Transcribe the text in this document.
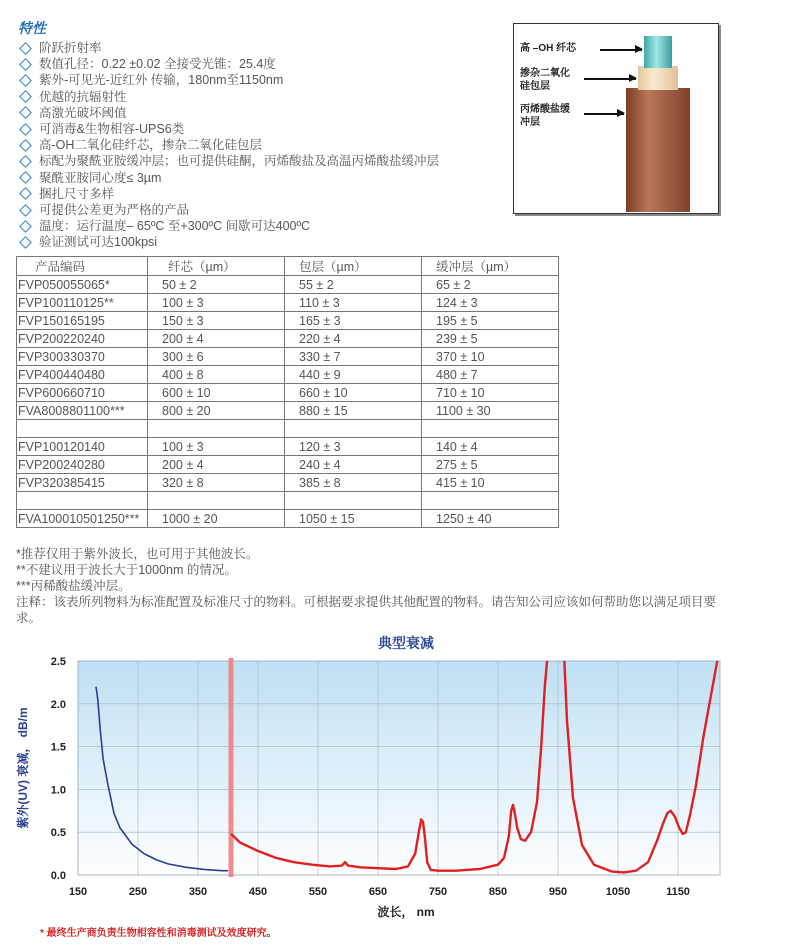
特性
阶跃折射率
数值孔径：0.22 ±0.02 全接受光锥：25.4度
紫外-可见光-近红外 传输，180nm至1150nm
优越的抗辐射性
高激光破坏阈值
可消毒&生物相容-UPS6类
高-OH二氧化硅纤芯，掺杂二氧化硅包层
标配为聚酰亚胺缓冲层；也可提供硅酮，丙烯酸盐及高温丙烯酸盐缓冲层
聚酰亚胺同心度≤ 3µm
捆扎尺寸多样
可提供公差更为严格的产品
温度：运行温度– 65ºC 至+300ºC 间歇可达400ºC
验证测试可达100kpsi
高 –OH 纤芯
掺杂二氧化
硅包层
丙烯酸盐缓
冲层
产品编码	纤芯（µm）	包层（µm）	缓冲层（µm）
FVP050055065*	50 ± 2	55 ± 2	65 ± 2
FVP100110125**	100 ± 3	110 ± 3	124 ± 3
FVP150165195	150 ± 3	165 ± 3	195 ± 5
FVP200220240	200 ± 4	220 ± 4	239 ± 5
FVP300330370	300 ± 6	330 ± 7	370 ± 10
FVP400440480	400 ± 8	440 ± 9	480 ± 7
FVP600660710	600 ± 10	660 ± 10	710 ± 10
FVA8008801100***	800 ± 20	880 ± 15	1100 ± 30

FVP100120140	100 ± 3	120 ± 3	140 ± 4
FVP200240280	200 ± 4	240 ± 4	275 ± 5
FVP320385415	320 ± 8	385 ± 8	415 ± 10

FVA100010501250***	1000 ± 20	1050 ± 15	1250 ± 40
*推荐仅用于紫外波长，也可用于其他波长。
**不建议用于波长大于1000nm 的情况。
***丙稀酸盐缓冲层。
注释：该表所列物料为标准配置及标准尺寸的物料。可根据要求提供其他配置的物料。请告知公司应该如何帮助您以满足项目要
求。
典型衰减
0.0
0.5
1.0
1.5
2.0
2.5
150	250	350	450	550	650	750	850	950	1050	1150
紫外(UV) 衰减， dB/m
波长， nm
* 最终生产商负责生物相容性和消毒测试及效度研究。
